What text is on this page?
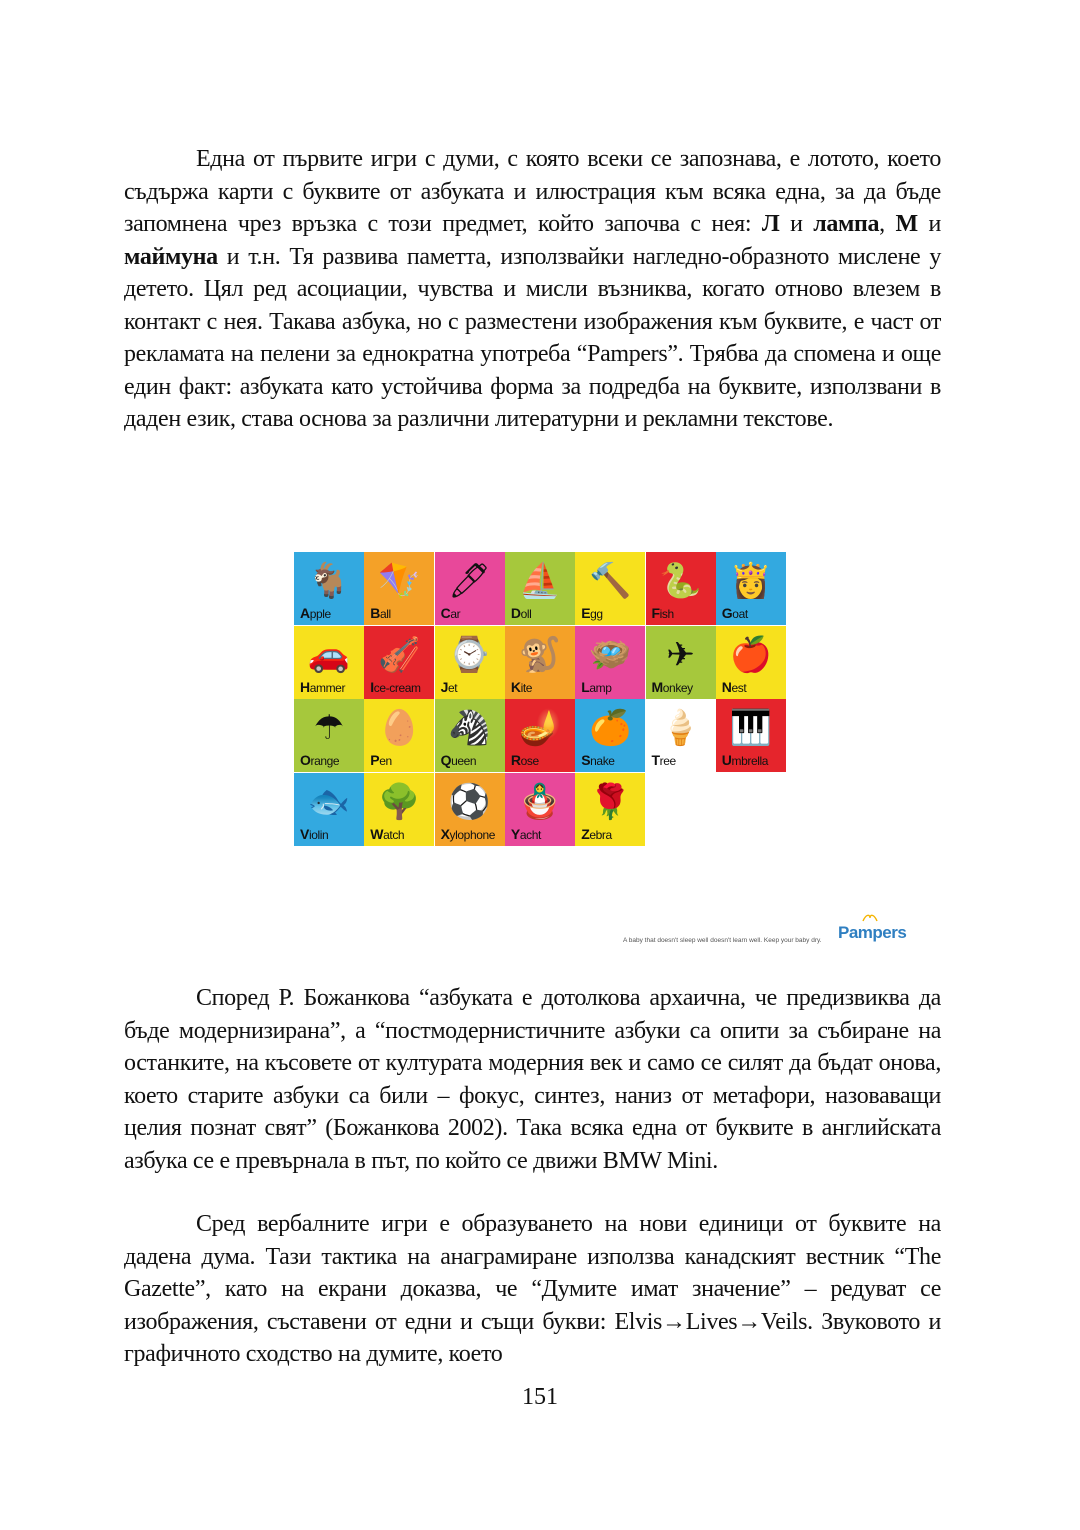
Една от първите игри с думи, с която всеки се запознава, е лотото, което съдържа карти с буквите от азбуката и илюстрация към всяка една, за да бъде запомнена чрез връзка с този предмет, който започва с нея: Л и лампа, М и маймуна и т.н. Тя развива паметта, използвайки нагледно-образното мислене у детето. Цял ред асоциации, чувства и мисли възниква, когато отново влезем в контакт с нея. Такава азбука, но с разместени изображения към буквите, е част от рекламата на пелени за еднократна употреба “Pampers”. Трябва да спомена и още един факт: азбуката като устойчива форма за подредба на буквите, използвани в даден език, става основа за различни литературни и рекламни текстове.

🐐
Apple
🪁
Ball
🖊
Car
⛵
Doll
🔨
Egg
🐍
Fish
👸
Goat
🚗
Hammer
🎻
Ice-cream
⌚
Jet
🐒
Kite
🪺
Lamp
✈
Monkey
🍎
Nest
☂
Orange
🥚
Pen
🦓
Queen
🪔
Rose
🍊
Snake
🍦
Tree
🎹
Umbrella
🐟
Violin
🌳
Watch
⚽
Xylophone
🪆
Yacht
🌹
Zebra
A baby that doesn't sleep well doesn't learn well. Keep your baby dry. Pampers

Според Р. Божанкова “азбуката е дотолкова архаична, че предизвиква да бъде модернизирана”, а “постмодернистичните азбуки са опити за събиране на останките, на късовете от културата модерния век и само се силят да бъдат онова, което старите азбуки са били – фокус, синтез, наниз от метафори, назоваващи целия познат свят” (Божанкова 2002). Така всяка една от буквите в английската азбука се е превърнала в път, по който се движи BMW Mini.

Сред вербалните игри е образуването на нови единици от буквите на дадена дума. Тази тактика на анаграмиране използва канадският вестник “The Gazette”, като на екрани доказва, че “Думите имат значение” – редуват се изображения, съставени от едни и същи букви: Elvis→Lives→Veils. Звуковото и графичното сходство на думите, което

151
